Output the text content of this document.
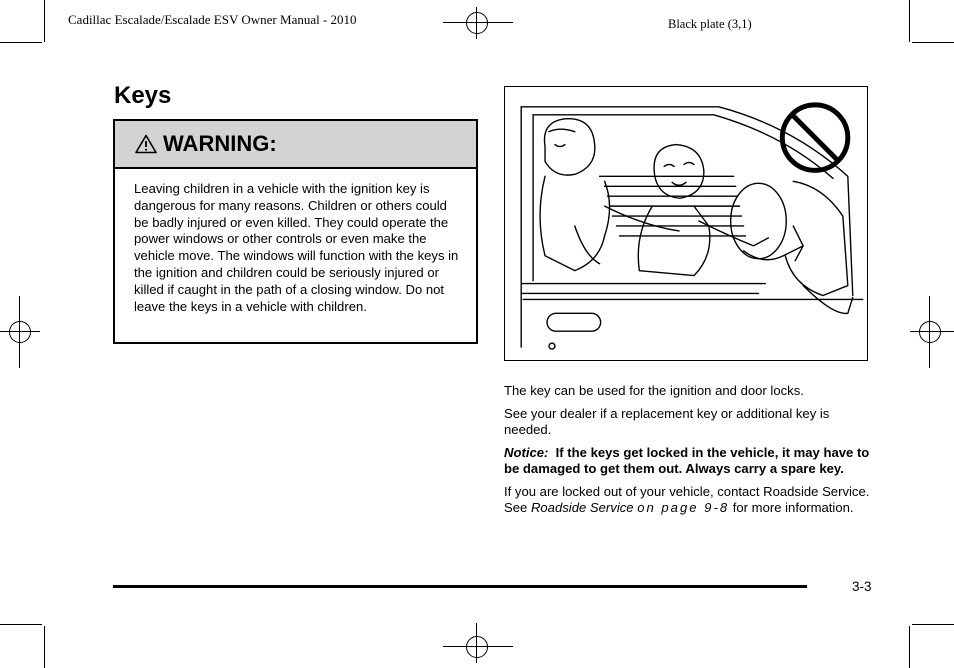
Cadillac Escalade/Escalade ESV Owner Manual - 2010	Black plate (3,1)
Keys
WARNING:

Leaving children in a vehicle with the ignition key is dangerous for many reasons. Children or others could be badly injured or even killed. They could operate the power windows or other controls or even make the vehicle move. The windows will function with the keys in the ignition and children could be seriously injured or killed if caught in the path of a closing window. Do not leave the keys in a vehicle with children.

The key can be used for the ignition and door locks.

See your dealer if a replacement key or additional key is needed.

Notice: If the keys get locked in the vehicle, it may have to be damaged to get them out. Always carry a spare key.

If you are locked out of your vehicle, contact Roadside Service. See Roadside Service on page 9-8 for more information.

3-3
